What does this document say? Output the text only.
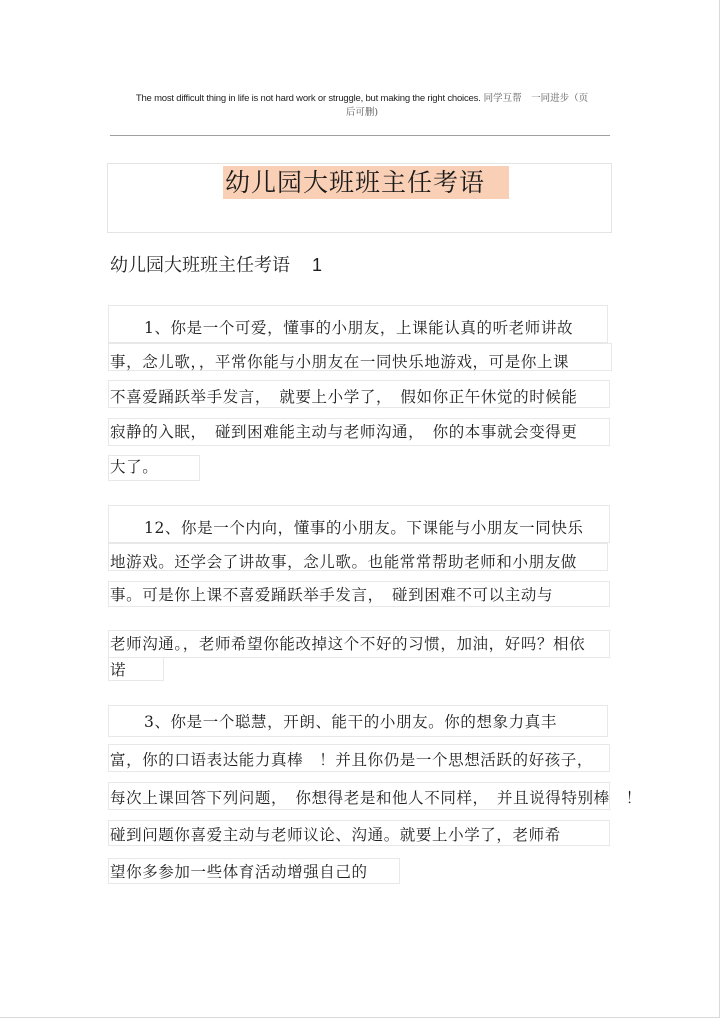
The most difficult thing in life is not hard work or struggle, but making the right choices. 同学互帮　一同进步（页
后可删)
幼儿园大班班主任考语
幼儿园大班班主任考语 1
1、你是一个可爱，懂事的小朋友，上课能认真的听老师讲故
事，念儿歌，，平常你能与小朋友在一同快乐地游戏，可是你上课
不喜爱踊跃举手发言，　就要上小学了，　假如你正午休觉的时候能
寂静的入眠，　碰到困难能主动与老师沟通，　你的本事就会变得更
大了。
12、你是一个内向，懂事的小朋友。下课能与小朋友一同快乐
地游戏。还学会了讲故事，念儿歌。也能常常帮助老师和小朋友做
事。可是你上课不喜爱踊跃举手发言，　碰到困难不可以主动与
老师沟通。，老师希望你能改掉这个不好的习惯，加油，好吗？相依
诺
3、你是一个聪慧，开朗、能干的小朋友。你的想象力真丰
富，你的口语表达能力真棒　！并且你仍是一个思想活跃的好孩子，
每次上课回答下列问题，　你想得老是和他人不同样，　并且说得特别棒　！
碰到问题你喜爱主动与老师议论、沟通。就要上小学了，老师希
望你多参加一些体育活动增强自己的
